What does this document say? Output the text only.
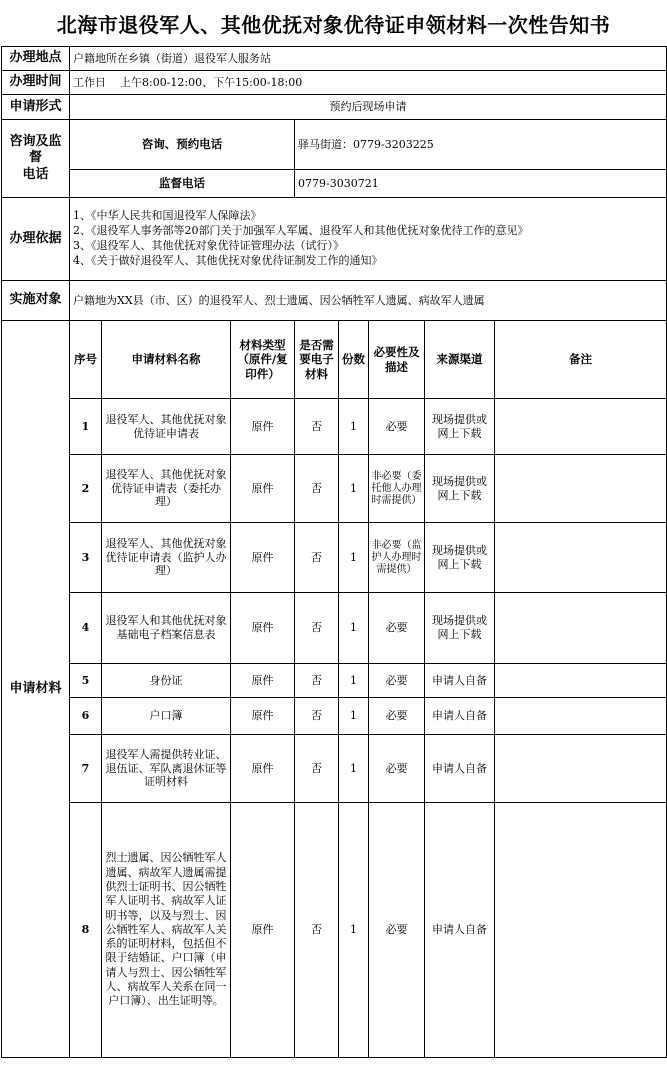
北海市退役军人、其他优抚对象优待证申领材料一次性告知书
办理地点	户籍地所在乡镇（街道）退役军人服务站							
办理时间	工作日    上午8:00-12:00、下午15:00-18:00							
申请形式	预约后现场申请							
咨询及监
督
电话	咨询、预约电话			驿马街道：0779-3203225				
	监督电话			0779-3030721				
办理依据	1、《中华人民共和国退役军人保障法》
2、《退役军人事务部等20部门关于加强军人军属、退役军人和其他优抚对象优待工作的意见》
3、《退役军人、其他优抚对象优待证管理办法（试行）》
4、《关于做好退役军人、其他优抚对象优待证制发工作的通知》							

实施对象	户籍地为XX县（市、区）的退役军人、烈士遗属、因公牺牲军人遗属、病故军人遗属							
申请材料	序号	申请材料名称	材料类型（原件/复印件）	是否需要电子材料	份数	必要性及描述	来源渠道	备注
	1	退役军人、其他优抚对象优待证申请表	原件	否	1	必要	现场提供或网上下载	
	2	退役军人、其他优抚对象优待证申请表（委托办理）	原件	否	1	非必要（委托他人办理时需提供）	现场提供或网上下载	
	3	退役军人、其他优抚对象优待证申请表（监护人办理）	原件	否	1	非必要（监护人办理时需提供）	现场提供或网上下载	
	4	退役军人和其他优抚对象基础电子档案信息表	原件	否	1	必要	现场提供或网上下载	
	5	身份证	原件	否	1	必要	申请人自备	
	6	户口簿	原件	否	1	必要	申请人自备	
	7	退役军人需提供转业证、退伍证、军队离退休证等证明材料	原件	否	1	必要	申请人自备	
	8	烈士遗属、因公牺牲军人遗属、病故军人遗属需提供烈士证明书、因公牺牲军人证明书、病故军人证明书等，以及与烈士、因公牺牲军人、病故军人关系的证明材料，包括但不限于结婚证、户口簿（申请人与烈士、因公牺牲军人、病故军人关系在同一户口簿）、出生证明等。	原件	否	1	必要	申请人自备	
